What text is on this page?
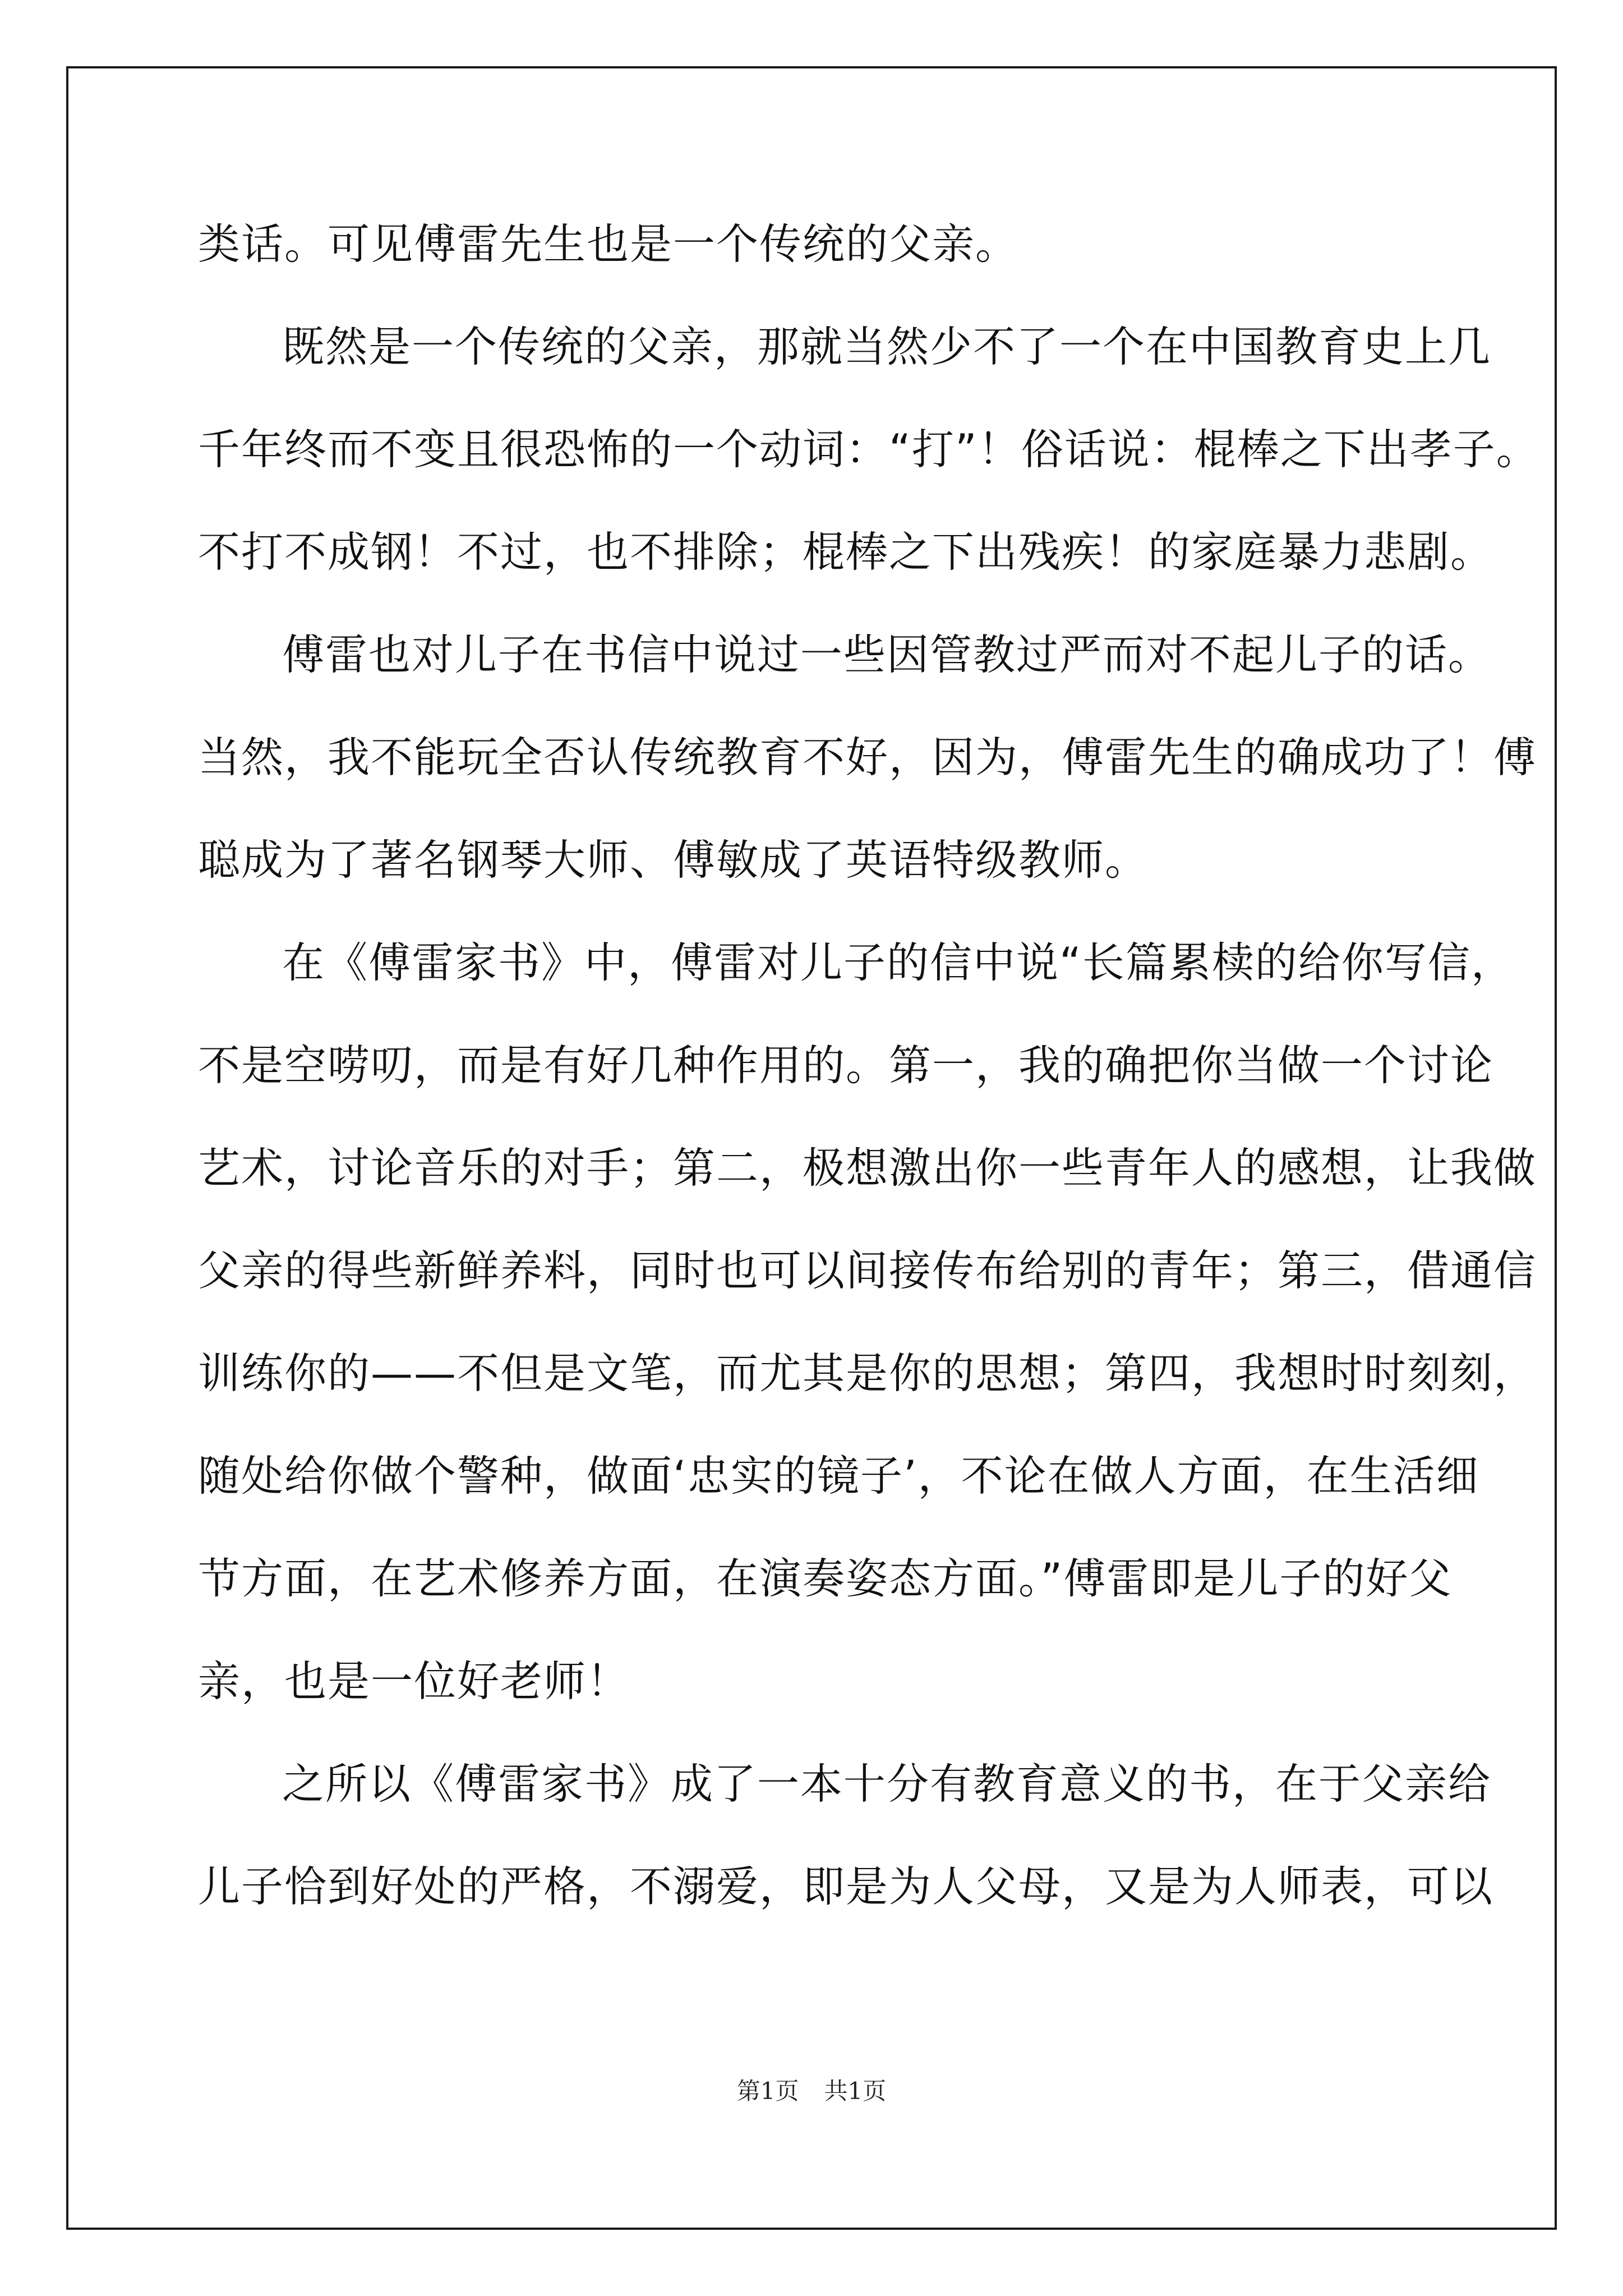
类话。可见傅雷先生也是一个传统的父亲。
既然是一个传统的父亲，那就当然少不了一个在中国教育史上几
千年终而不变且很恐怖的一个动词：“打”！俗话说：棍棒之下出孝子。
不打不成钢！不过，也不排除；棍棒之下出残疾！的家庭暴力悲剧。
傅雷也对儿子在书信中说过一些因管教过严而对不起儿子的话。
当然，我不能玩全否认传统教育不好，因为，傅雷先生的确成功了！傅
聪成为了著名钢琴大师、傅敏成了英语特级教师。
在《傅雷家书》中，傅雷对儿子的信中说“长篇累椟的给你写信，
不是空唠叨，而是有好几种作用的。第一，我的确把你当做一个讨论
艺术，讨论音乐的对手；第二，极想激出你一些青年人的感想，让我做
父亲的得些新鲜养料，同时也可以间接传布给别的青年；第三，借通信
训练你的——不但是文笔，而尤其是你的思想；第四，我想时时刻刻，
随处给你做个警种，做面‘忠实的镜子’，不论在做人方面，在生活细
节方面，在艺术修养方面，在演奏姿态方面。”傅雷即是儿子的好父
亲，也是一位好老师！
之所以《傅雷家书》成了一本十分有教育意义的书，在于父亲给
儿子恰到好处的严格，不溺爱，即是为人父母，又是为人师表，可以
第1页 共1页
